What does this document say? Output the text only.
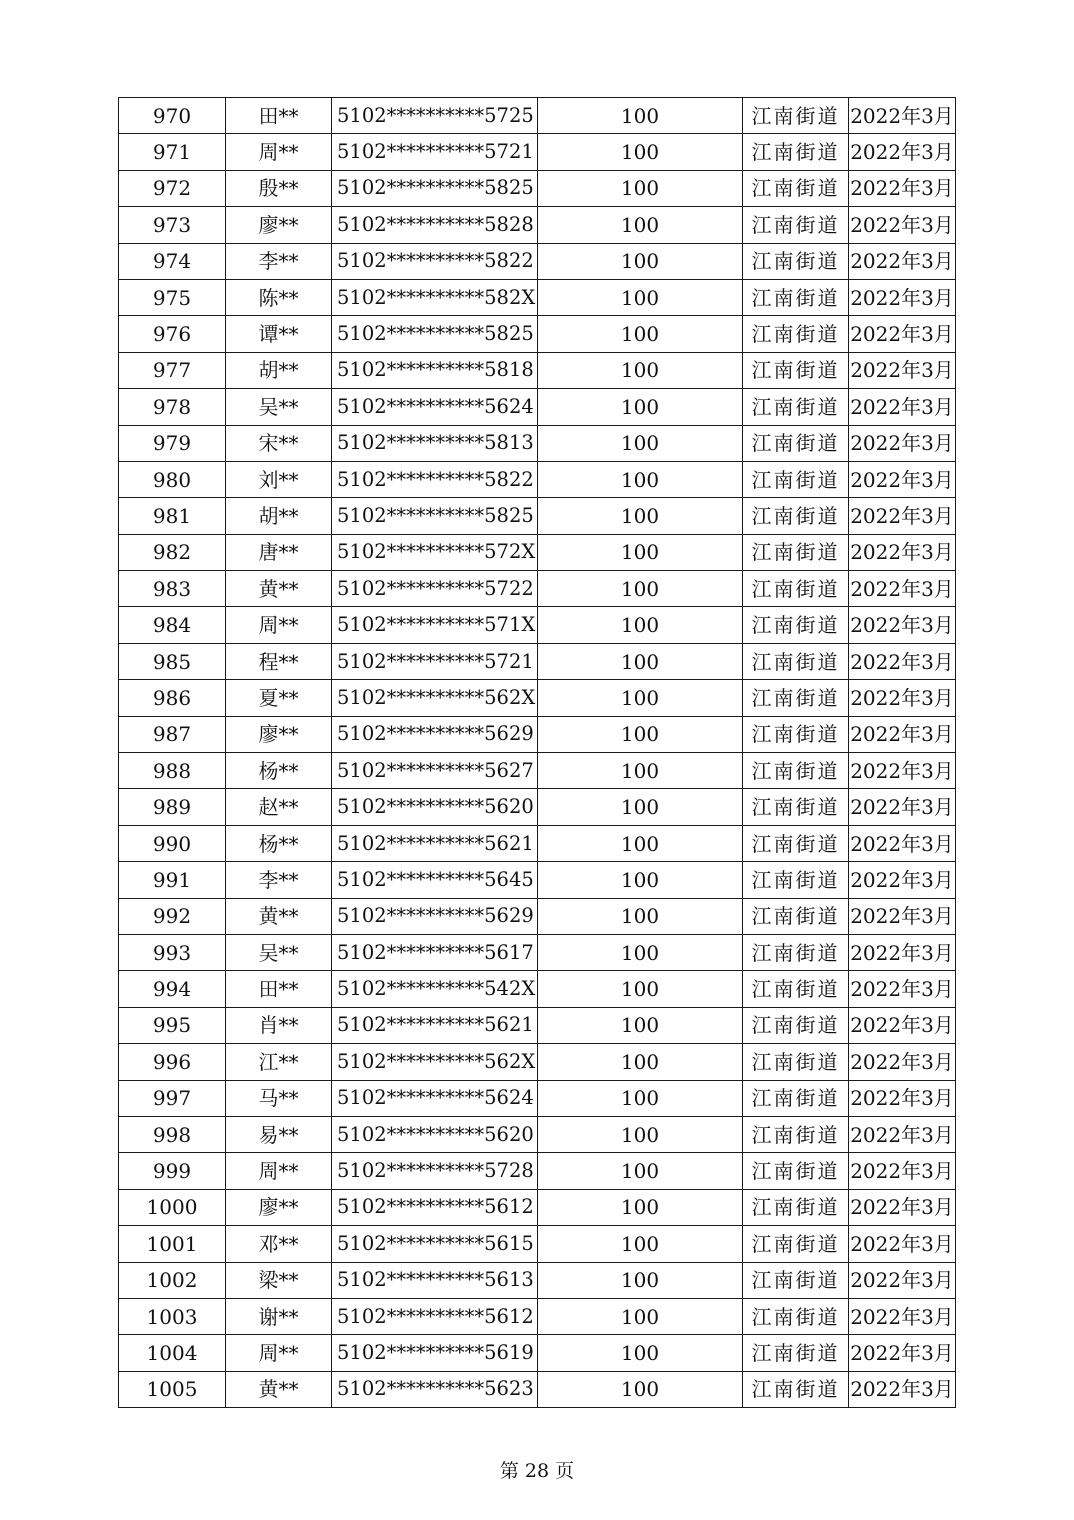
970	田**	5102**********5725	100	江南街道	2022年3月
971	周**	5102**********5721	100	江南街道	2022年3月
972	殷**	5102**********5825	100	江南街道	2022年3月
973	廖**	5102**********5828	100	江南街道	2022年3月
974	李**	5102**********5822	100	江南街道	2022年3月
975	陈**	5102**********582X	100	江南街道	2022年3月
976	谭**	5102**********5825	100	江南街道	2022年3月
977	胡**	5102**********5818	100	江南街道	2022年3月
978	吴**	5102**********5624	100	江南街道	2022年3月
979	宋**	5102**********5813	100	江南街道	2022年3月
980	刘**	5102**********5822	100	江南街道	2022年3月
981	胡**	5102**********5825	100	江南街道	2022年3月
982	唐**	5102**********572X	100	江南街道	2022年3月
983	黄**	5102**********5722	100	江南街道	2022年3月
984	周**	5102**********571X	100	江南街道	2022年3月
985	程**	5102**********5721	100	江南街道	2022年3月
986	夏**	5102**********562X	100	江南街道	2022年3月
987	廖**	5102**********5629	100	江南街道	2022年3月
988	杨**	5102**********5627	100	江南街道	2022年3月
989	赵**	5102**********5620	100	江南街道	2022年3月
990	杨**	5102**********5621	100	江南街道	2022年3月
991	李**	5102**********5645	100	江南街道	2022年3月
992	黄**	5102**********5629	100	江南街道	2022年3月
993	吴**	5102**********5617	100	江南街道	2022年3月
994	田**	5102**********542X	100	江南街道	2022年3月
995	肖**	5102**********5621	100	江南街道	2022年3月
996	江**	5102**********562X	100	江南街道	2022年3月
997	马**	5102**********5624	100	江南街道	2022年3月
998	易**	5102**********5620	100	江南街道	2022年3月
999	周**	5102**********5728	100	江南街道	2022年3月
1000	廖**	5102**********5612	100	江南街道	2022年3月
1001	邓**	5102**********5615	100	江南街道	2022年3月
1002	梁**	5102**********5613	100	江南街道	2022年3月
1003	谢**	5102**********5612	100	江南街道	2022年3月
1004	周**	5102**********5619	100	江南街道	2022年3月
1005	黄**	5102**********5623	100	江南街道	2022年3月
第 28 页
